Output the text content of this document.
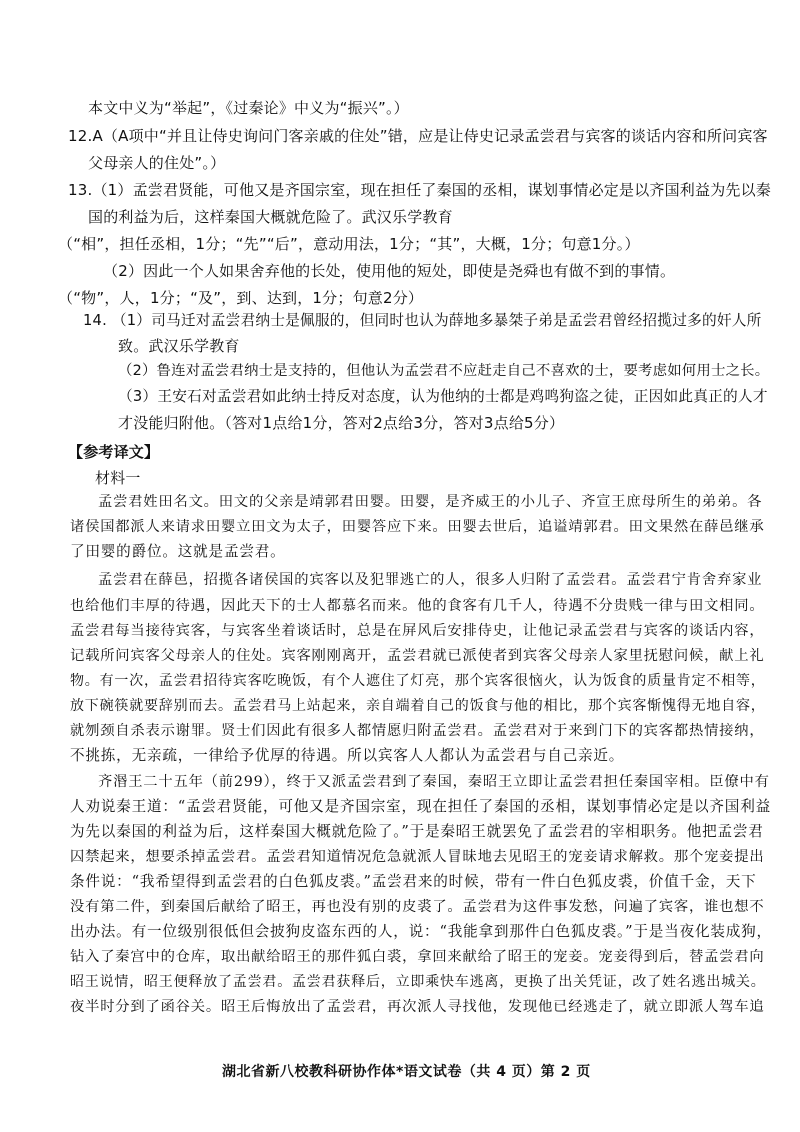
本文中义为“举起”，《过秦论》中义为“振兴”。）
12.A（A项中“并且让侍史询问门客亲戚的住处”错，应是让侍史记录孟尝君与宾客的谈话内容和所问宾客
父母亲人的住处”。）
13.（1）孟尝君贤能，可他又是齐国宗室，现在担任了秦国的丞相，谋划事情必定是以齐国利益为先以秦
国的利益为后，这样秦国大概就危险了。武汉乐学教育
（“相”，担任丞相，1分；“先”“后”，意动用法，1分；“其”，大概，1分；句意1分。）
（2）因此一个人如果舍弃他的长处，使用他的短处，即使是尧舜也有做不到的事情。
（“物”，人，1分；“及”，到、达到，1分；句意2分）
14. （1）司马迁对孟尝君纳士是佩服的，但同时也认为薛地多暴桀子弟是孟尝君曾经招揽过多的奸人所
致。武汉乐学教育
（2）鲁连对孟尝君纳士是支持的，但他认为孟尝君不应赶走自己不喜欢的士，要考虑如何用士之长。
（3）王安石对孟尝君如此纳士持反对态度，认为他纳的士都是鸡鸣狗盗之徒，正因如此真正的人才
才没能归附他。（答对1点给1分，答对2点给3分，答对3点给5分）
【参考译文】
材料一
孟尝君姓田名文。田文的父亲是靖郭君田婴。田婴，是齐威王的小儿子、齐宣王庶母所生的弟弟。各
诸侯国都派人来请求田婴立田文为太子，田婴答应下来。田婴去世后，追谥靖郭君。田文果然在薛邑继承
了田婴的爵位。这就是孟尝君。
孟尝君在薛邑，招揽各诸侯国的宾客以及犯罪逃亡的人，很多人归附了孟尝君。孟尝君宁肯舍弃家业
也给他们丰厚的待遇，因此天下的士人都慕名而来。他的食客有几千人，待遇不分贵贱一律与田文相同。
孟尝君每当接待宾客，与宾客坐着谈话时，总是在屏风后安排侍史，让他记录孟尝君与宾客的谈话内容，
记载所问宾客父母亲人的住处。宾客刚刚离开，孟尝君就已派使者到宾客父母亲人家里抚慰问候，献上礼
物。有一次，孟尝君招待宾客吃晚饭，有个人遮住了灯亮，那个宾客很恼火，认为饭食的质量肯定不相等，
放下碗筷就要辞别而去。孟尝君马上站起来，亲自端着自己的饭食与他的相比，那个宾客惭愧得无地自容，
就刎颈自杀表示谢罪。贤士们因此有很多人都情愿归附孟尝君。孟尝君对于来到门下的宾客都热情接纳，
不挑拣，无亲疏，一律给予优厚的待遇。所以宾客人人都认为孟尝君与自己亲近。
齐湣王二十五年（前299），终于又派孟尝君到了秦国，秦昭王立即让孟尝君担任秦国宰相。臣僚中有
人劝说秦王道：“孟尝君贤能，可他又是齐国宗室，现在担任了秦国的丞相，谋划事情必定是以齐国利益
为先以秦国的利益为后，这样秦国大概就危险了。”于是秦昭王就罢免了孟尝君的宰相职务。他把孟尝君
囚禁起来，想要杀掉孟尝君。孟尝君知道情况危急就派人冒昧地去见昭王的宠妾请求解救。那个宠妾提出
条件说：“我希望得到孟尝君的白色狐皮裘。”孟尝君来的时候，带有一件白色狐皮裘，价值千金，天下
没有第二件，到秦国后献给了昭王，再也没有别的皮裘了。孟尝君为这件事发愁，问遍了宾客，谁也想不
出办法。有一位级别很低但会披狗皮盗东西的人，说：“我能拿到那件白色狐皮裘。”于是当夜化装成狗，
钻入了秦宫中的仓库，取出献给昭王的那件狐白裘，拿回来献给了昭王的宠妾。宠妾得到后，替孟尝君向
昭王说情，昭王便释放了孟尝君。孟尝君获释后，立即乘快车逃离，更换了出关凭证，改了姓名逃出城关。
夜半时分到了函谷关。昭王后悔放出了孟尝君，再次派人寻找他，发现他已经逃走了，就立即派人驾车追
湖北省新八校教科研协作体*语文试卷（共 4 页）第 2 页
